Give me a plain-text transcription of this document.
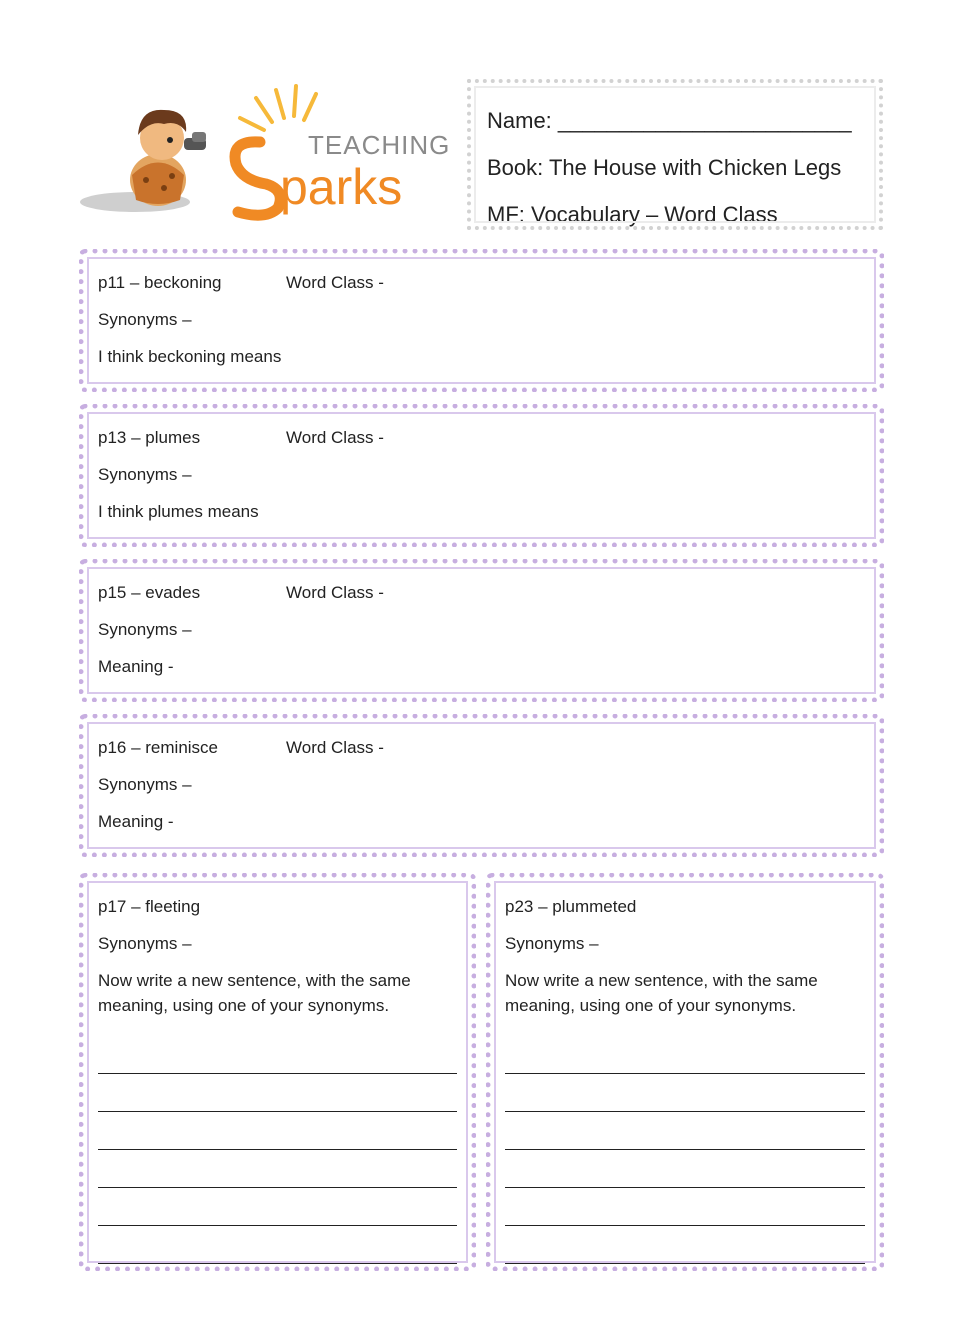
TEACHING
parks
Name: ________________________
Book: The House with Chicken Legs
MF: Vocabulary – Word Class
p11 – beckoning	Word Class -
Synonyms –
I think beckoning means
p13 – plumes	Word Class -
Synonyms –
I think plumes means
p15 – evades	Word Class -
Synonyms –
Meaning -
p16 – reminisce	Word Class -
Synonyms –
Meaning -
p17 – fleeting
Synonyms –
Now write a new sentence, with the same meaning, using one of your synonyms.
p23 – plummeted
Synonyms –
Now write a new sentence, with the same meaning, using one of your synonyms.
